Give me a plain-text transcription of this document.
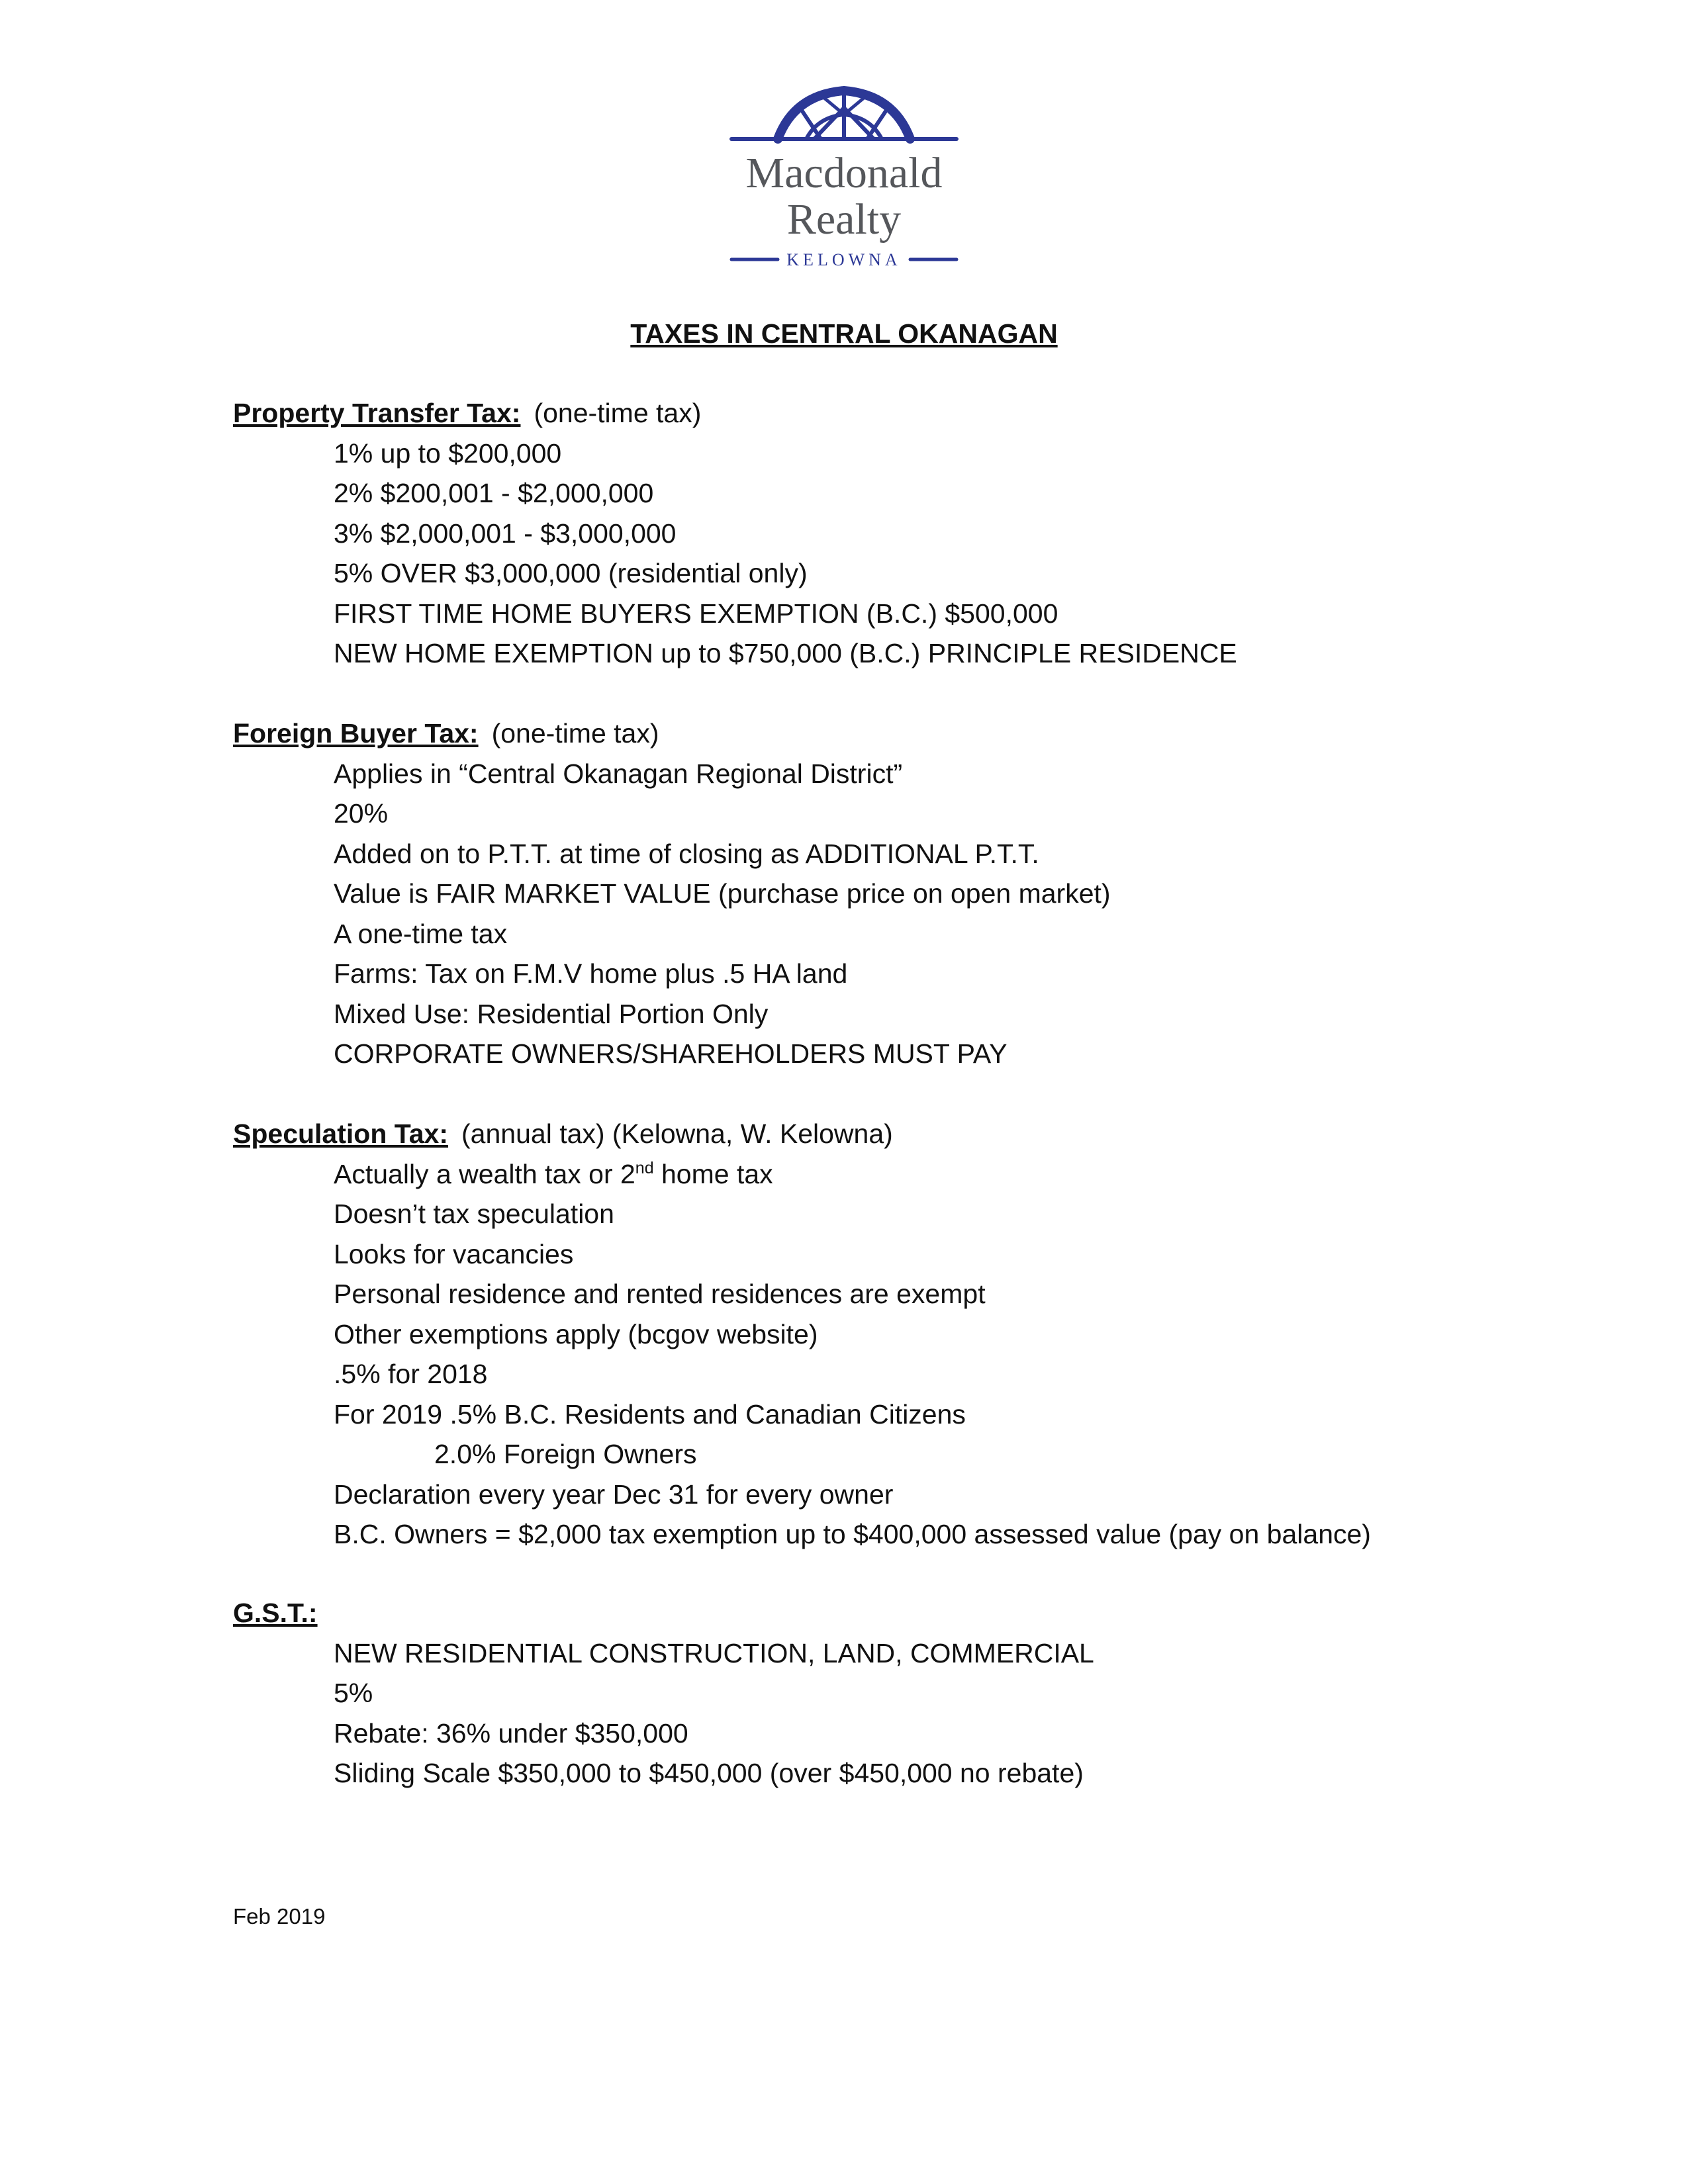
Macdonald
Realty
KELOWNA
TAXES IN CENTRAL OKANAGAN
Property Transfer Tax: (one-time tax)
1% up to $200,000
2% $200,001 - $2,000,000
3% $2,000,001 - $3,000,000
5% OVER $3,000,000 (residential only)
FIRST TIME HOME BUYERS EXEMPTION (B.C.) $500,000
NEW HOME EXEMPTION up to $750,000 (B.C.) PRINCIPLE RESIDENCE
Foreign Buyer Tax: (one-time tax)
Applies in “Central Okanagan Regional District”
20%
Added on to P.T.T. at time of closing as ADDITIONAL P.T.T.
Value is FAIR MARKET VALUE (purchase price on open market)
A one-time tax
Farms: Tax on F.M.V home plus .5 HA land
Mixed Use: Residential Portion Only
CORPORATE OWNERS/SHAREHOLDERS MUST PAY
Speculation Tax: (annual tax) (Kelowna, W. Kelowna)
Actually a wealth tax or 2nd home tax
Doesn’t tax speculation
Looks for vacancies
Personal residence and rented residences are exempt
Other exemptions apply (bcgov website)
.5% for 2018
For 2019 .5% B.C. Residents and Canadian Citizens
2.0% Foreign Owners
Declaration every year Dec 31 for every owner
B.C. Owners = $2,000 tax exemption up to $400,000 assessed value (pay on balance)
G.S.T.:
NEW RESIDENTIAL CONSTRUCTION, LAND, COMMERCIAL
5%
Rebate: 36% under $350,000
Sliding Scale $350,000 to $450,000 (over $450,000 no rebate)
Feb 2019
